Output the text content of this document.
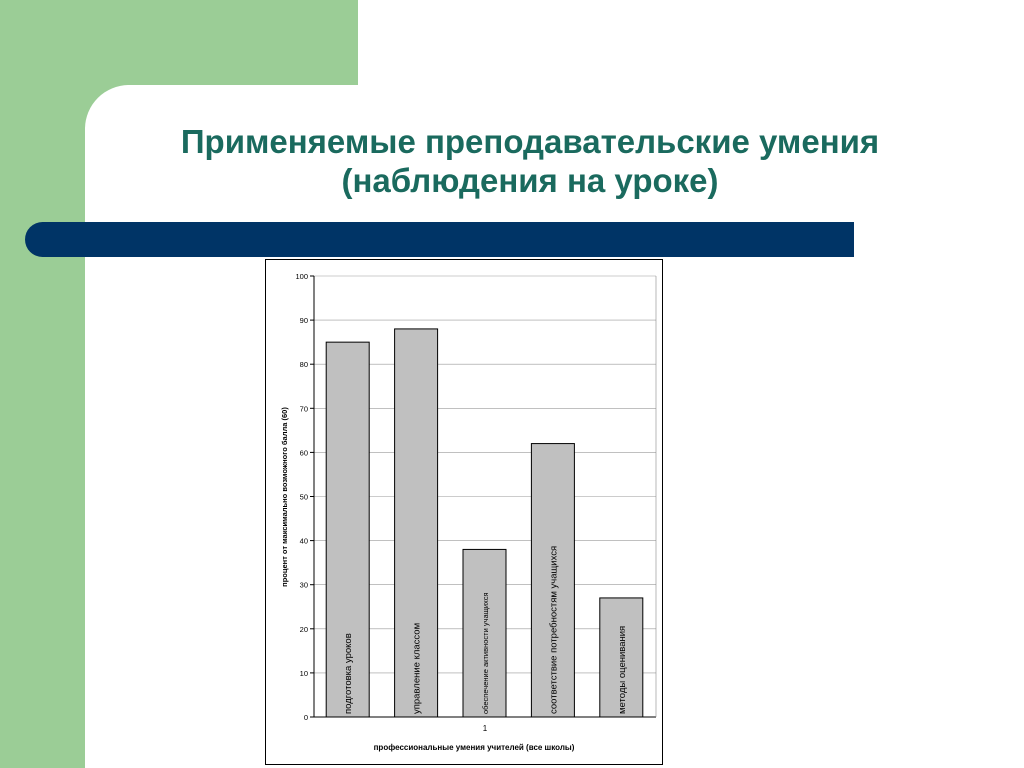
Применяемые преподавательские умения
(наблюдения на уроке)
0
10
20
30
40
50
60
70
80
90
100
подготовка уроков	управление классом	обеспечение активности учащихся	соответствие потребностям учащихся	методы оценивания
1
профессиональные умения учителей (все школы)
процент от максимально возможного балла (60)
